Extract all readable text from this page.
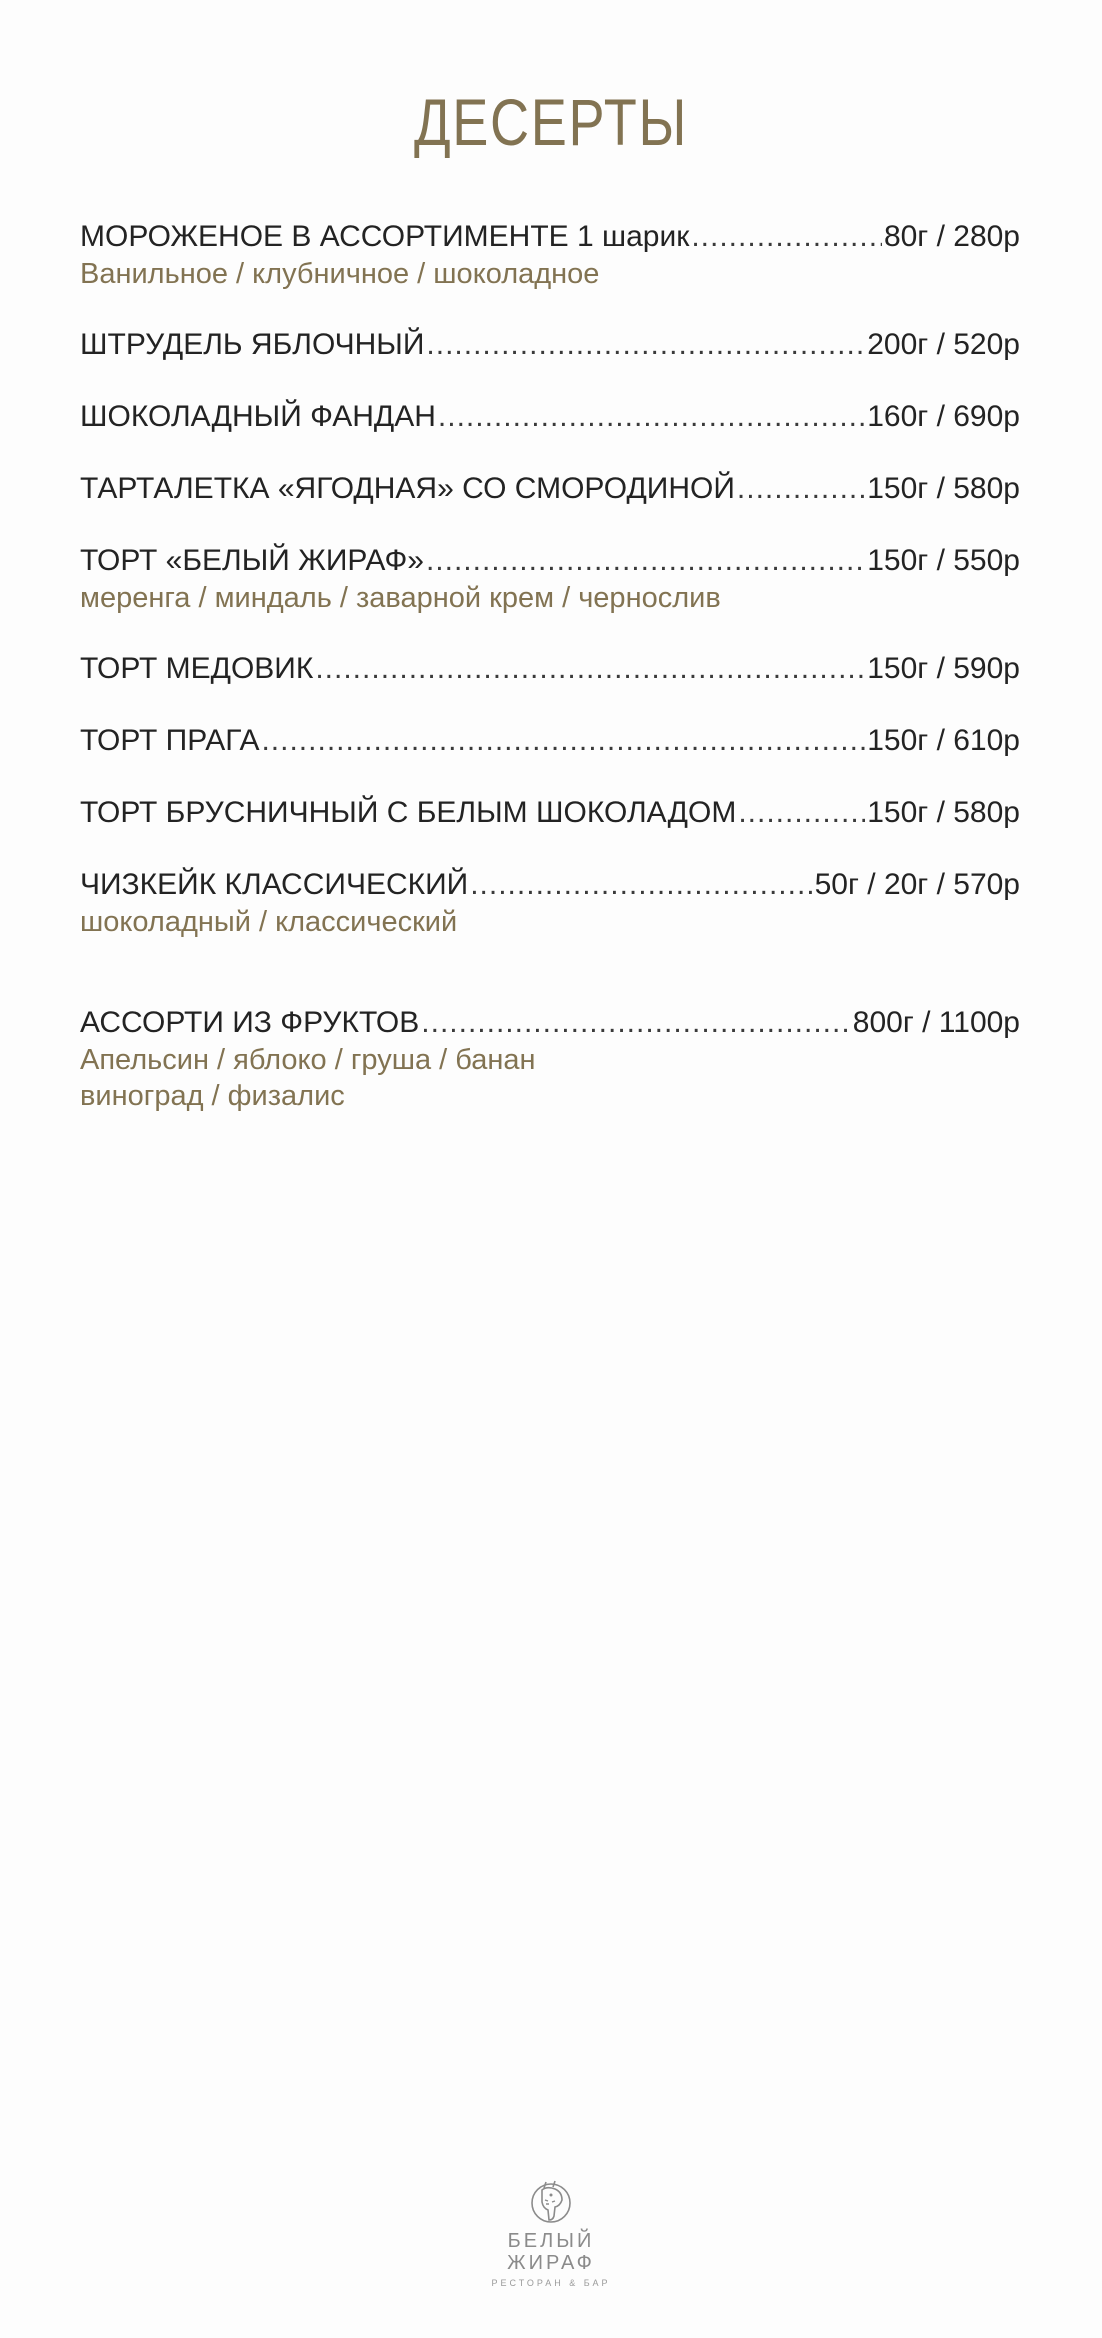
ДЕСЕРТЫ
МОРОЖЕНОЕ В АССОРТИМЕНТЕ 1 шарик .....	80г / 280р
Ванильное / клубничное / шоколадное
ШТРУДЕЛЬ ЯБЛОЧНЫЙ .....	200г / 520р
ШОКОЛАДНЫЙ ФАНДАН .....	160г / 690р
ТАРТАЛЕТКА «ЯГОДНАЯ» СО СМОРОДИНОЙ .....	150г / 580р
ТОРТ «БЕЛЫЙ ЖИРАФ» .....	150г / 550р
меренга / миндаль / заварной крем / чернослив
ТОРТ МЕДОВИК .....	150г / 590р
ТОРТ ПРАГА .....	150г / 610р
ТОРТ БРУСНИЧНЫЙ С БЕЛЫМ ШОКОЛАДОМ .....	150г / 580р
ЧИЗКЕЙК КЛАССИЧЕСКИЙ .....	50г / 20г / 570р
шоколадный / классический
АССОРТИ ИЗ ФРУКТОВ .....	800г / 1100р
Апельсин / яблоко / груша / банан
виноград / физалис
БЕЛЫЙ
ЖИРАФ
РЕСТОРАН & БАР
